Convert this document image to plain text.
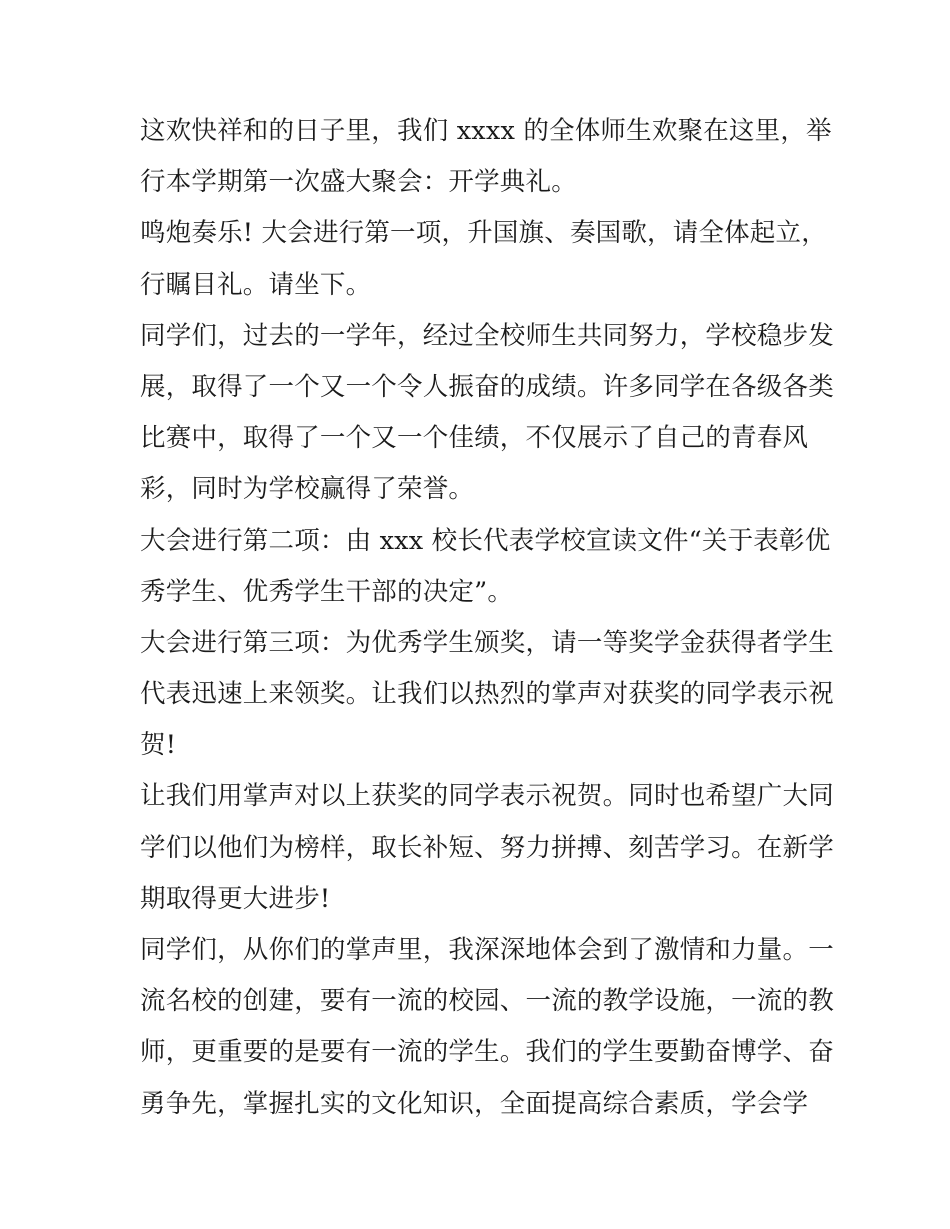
这欢快祥和的日子里，我们 xxxx 的全体师生欢聚在这里，举
行本学期第一次盛大聚会：开学典礼。
鸣炮奏乐! 大会进行第一项，升国旗、奏国歌，请全体起立，
行瞩目礼。请坐下。
同学们，过去的一学年，经过全校师生共同努力，学校稳步发
展，取得了一个又一个令人振奋的成绩。许多同学在各级各类
比赛中，取得了一个又一个佳绩，不仅展示了自己的青春风
彩，同时为学校赢得了荣誉。
大会进行第二项：由 xxx 校长代表学校宣读文件“关于表彰优
秀学生、优秀学生干部的决定”。
大会进行第三项：为优秀学生颁奖，请一等奖学金获得者学生
代表迅速上来领奖。让我们以热烈的掌声对获奖的同学表示祝
贺!
让我们用掌声对以上获奖的同学表示祝贺。同时也希望广大同
学们以他们为榜样，取长补短、努力拼搏、刻苦学习。在新学
期取得更大进步!
同学们，从你们的掌声里，我深深地体会到了激情和力量。一
流名校的创建，要有一流的校园、一流的教学设施，一流的教
师，更重要的是要有一流的学生。我们的学生要勤奋博学、奋
勇争先，掌握扎实的文化知识，全面提高综合素质，学会学
